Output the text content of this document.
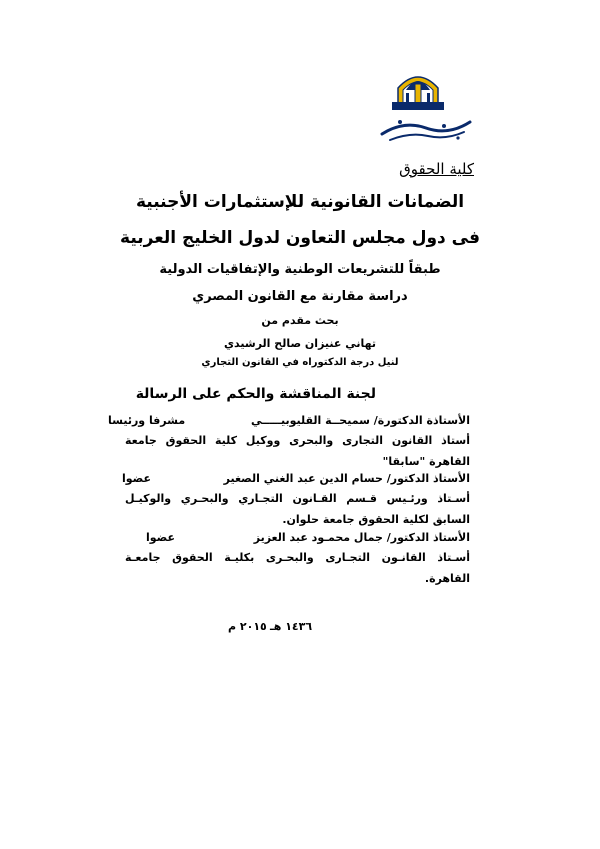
كلية الحقوق
الضمانات القانونية للإستثمارات الأجنبية
فى دول مجلس التعاون لدول الخليج العربية
طبقاً للتشريعات الوطنية والإتفاقيات الدولية
دراسة مقارنة مع القانون المصري
بحث مقدم من
تهاني عنيزان صالح الرشيدي
لنيل درجة الدكتوراه في القانون التجاري
لجنة المناقشة والحكم على الرسالة
الأستاذة الدكتورة/ سميحــة القليوبيـــــي
مشرفا ورئيسا
أستاذ القانون التجارى والبحرى ووكيل كلية الحقوق جامعة القاهرة "سابقا"
الأستاذ الدكتور/ حسام الدين عبد الغني الصغير
عضوا
أسـتاذ ورئـيس قـسم القـانون التجـاري والبحـري والوكيـل السابق لكلية الحقوق جامعة حلوان.
الأستاذ الدكتور/ جمال محمـود عبد العزيز
عضوا
أسـتاذ القانـون التجـارى والبحـرى بكليـة الحقوق جامعـة القاهرة.
١٤٣٦ هـ
٢٠١٥ م
